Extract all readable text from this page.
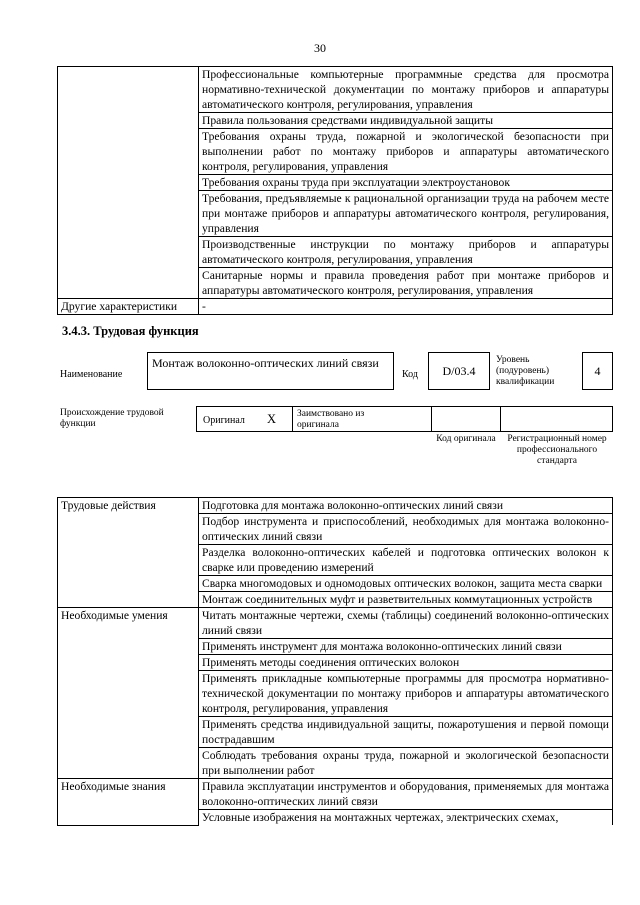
30
	Профессиональные компьютерные программные средства для просмотра нормативно-технической документации по монтажу приборов и аппаратуры автоматического контроля, регулирования, управления
	Правила пользования средствами индивидуальной защиты
	Требования охраны труда, пожарной и экологической безопасности при выполнении работ по монтажу приборов и аппаратуры автоматического контроля, регулирования, управления
	Требования охраны труда при эксплуатации электроустановок
	Требования, предъявляемые к рациональной организации труда на рабочем месте при монтаже приборов и аппаратуры автоматического контроля, регулирования, управления
	Производственные инструкции по монтажу приборов и аппаратуры автоматического контроля, регулирования, управления
	Санитарные нормы и правила проведения работ при монтаже приборов и аппаратуры автоматического контроля, регулирования, управления
Другие характеристики	-
3.4.3. Трудовая функция
Наименование
Монтаж волоконно-оптических линий связи
Код	D/03.4
Уровень (подуровень) квалификации
4
Происхождение трудовой функции	Оригинал X Заимствовано из оригинала
Код оригинала	Регистрационный номер профессионального стандарта
Трудовые действия	Подготовка для монтажа волоконно-оптических линий связи
	Подбор инструмента и приспособлений, необходимых для монтажа волоконно-оптических линий связи
	Разделка волоконно-оптических кабелей и подготовка оптических волокон к сварке или проведению измерений
	Сварка многомодовых и одномодовых оптических волокон, защита места сварки
	Монтаж соединительных муфт и разветвительных коммутационных устройств
Необходимые умения	Читать монтажные чертежи, схемы (таблицы) соединений волоконно-оптических линий связи
	Применять инструмент для монтажа волоконно-оптических линий связи
	Применять методы соединения оптических волокон
	Применять прикладные компьютерные программы для просмотра нормативно-технической документации по монтажу приборов и аппаратуры автоматического контроля, регулирования, управления
	Применять средства индивидуальной защиты, пожаротушения и первой помощи пострадавшим
	Соблюдать требования охраны труда, пожарной и экологической безопасности при выполнении работ
Необходимые знания	Правила эксплуатации инструментов и оборудования, применяемых для монтажа волоконно-оптических линий связи
	Условные изображения на монтажных чертежах, электрических схемах,
